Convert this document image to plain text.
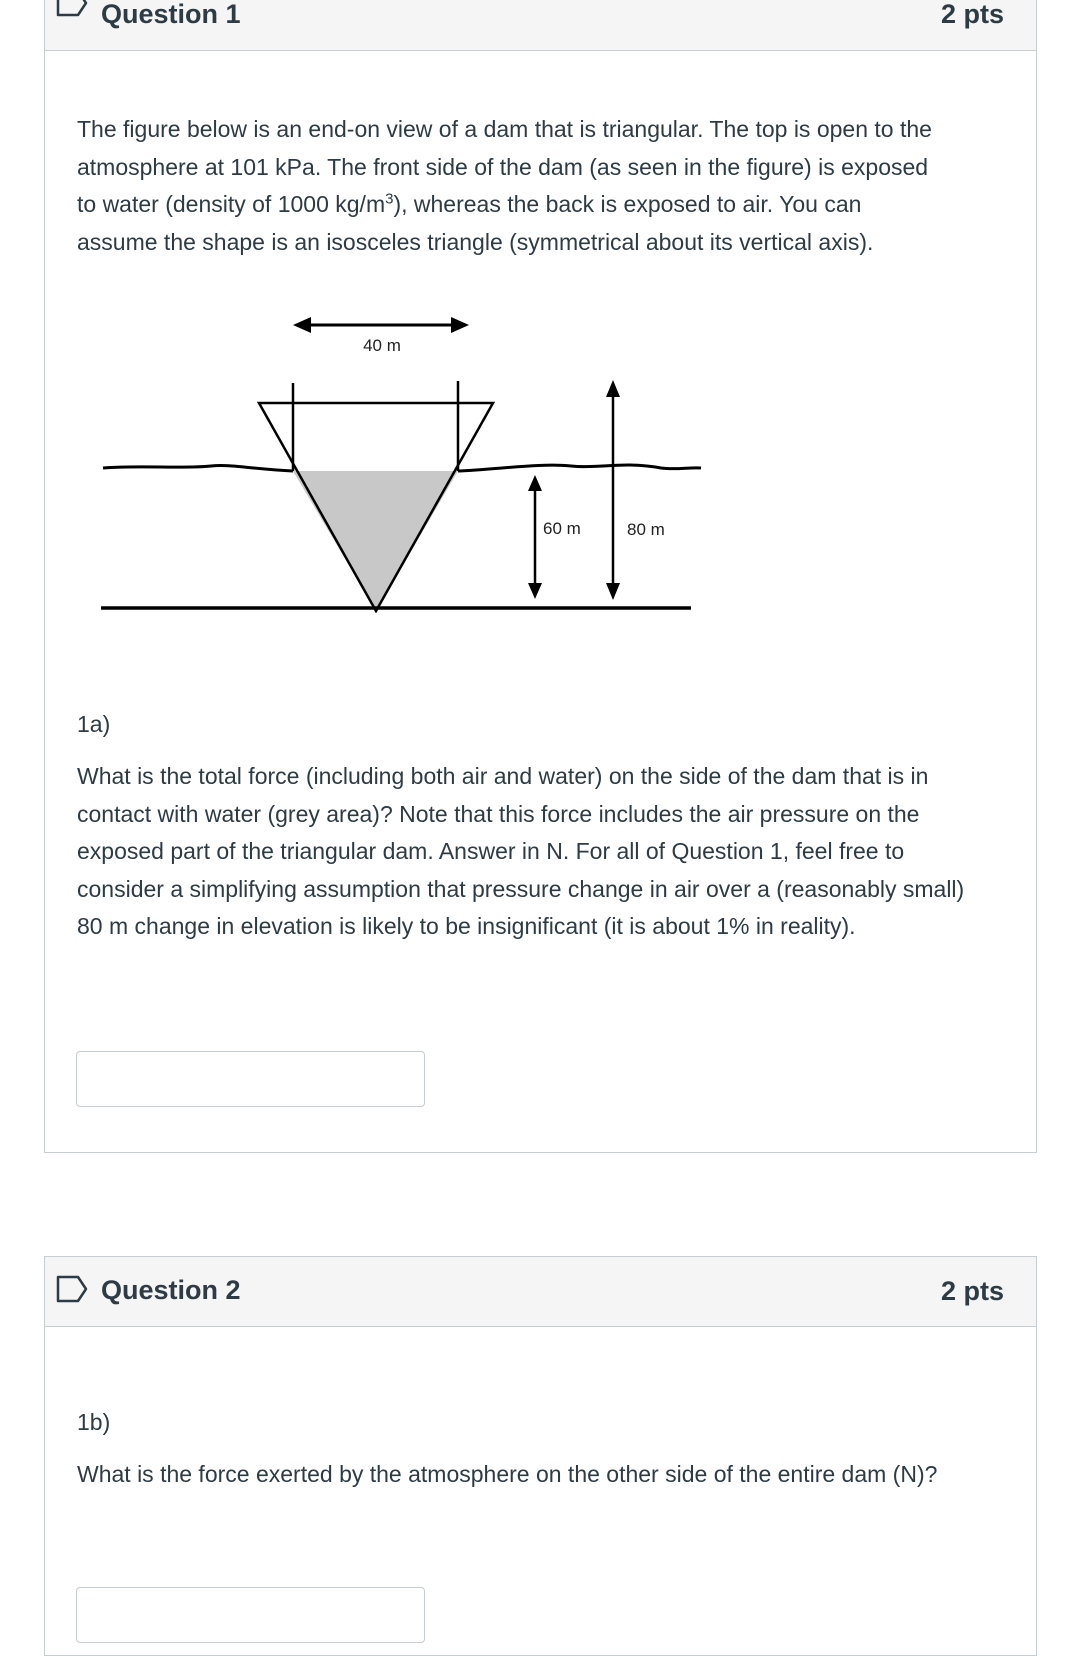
Question 1	2 pts
The figure below is an end-on view of a dam that is triangular. The top is open to the
atmosphere at 101 kPa. The front side of the dam (as seen in the figure) is exposed
to water (density of 1000 $kg/m^3$), whereas the back is exposed to air. You can
assume the shape is an isosceles triangle (symmetrical about its vertical axis).
40 m
60 m	80 m
1a)

What is the total force (including both air and water) on the side of the dam that is in contact with water (grey area)? Note that this force includes the air pressure on the exposed part of the triangular dam. Answer in N. For all of Question 1, feel free to consider a simplifying assumption that pressure change in air over a (reasonably small) 80 m change in elevation is likely to be insignificant (it is about 1% in reality).

Question 2	2 pts
1b)

What is the force exerted by the atmosphere on the other side of the entire dam (N)?
